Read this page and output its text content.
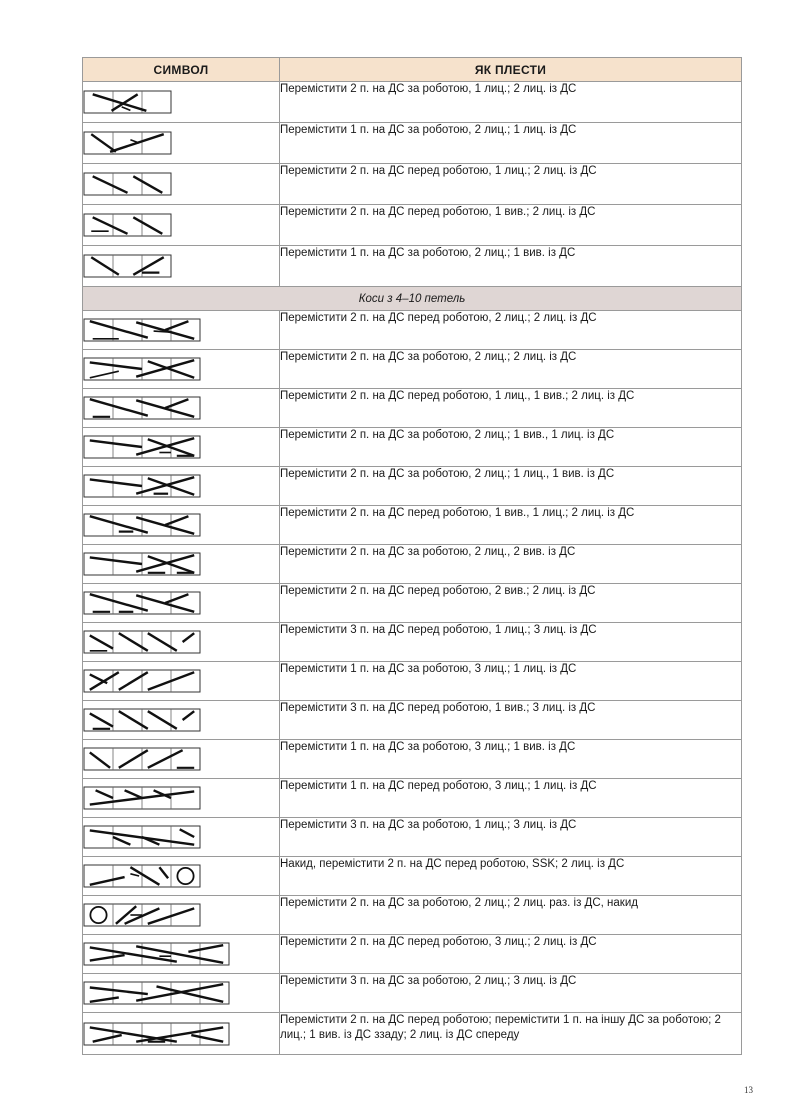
СИМВОЛ	ЯК ПЛЕСТИ

	Перемістити 2 п. на ДС за роботою, 1 лиц.; 2 лиц. із ДС

	Перемістити 1 п. на ДС за роботою, 2 лиц.; 1 лиц. із ДС

	Перемістити 2 п. на ДС перед роботою, 1 лиц.; 2 лиц. із ДС

	Перемістити 2 п. на ДС перед роботою, 1 вив.; 2 лиц. із ДС

	Перемістити 1 п. на ДС за роботою, 2 лиц.; 1 вив. із ДС
Коси з 4–10 петель	

	Перемістити 2 п. на ДС перед роботою, 2 лиц.; 2 лиц. із ДС

	Перемістити 2 п. на ДС за роботою, 2 лиц.; 2 лиц. із ДС

	Перемістити 2 п. на ДС перед роботою, 1 лиц., 1 вив.; 2 лиц. із ДС

	Перемістити 2 п. на ДС за роботою, 2 лиц.; 1 вив., 1 лиц. із ДС

	Перемістити 2 п. на ДС за роботою, 2 лиц.; 1 лиц., 1 вив. із ДС

	Перемістити 2 п. на ДС перед роботою, 1 вив., 1 лиц.; 2 лиц. із ДС

	Перемістити 2 п. на ДС за роботою, 2 лиц., 2 вив. із ДС

	Перемістити 2 п. на ДС перед роботою, 2 вив.; 2 лиц. із ДС

	Перемістити 3 п. на ДС перед роботою, 1 лиц.; 3 лиц. із ДС

	Перемістити 1 п. на ДС за роботою, 3 лиц.; 1 лиц. із ДС

	Перемістити 3 п. на ДС перед роботою, 1 вив.; 3 лиц. із ДС

	Перемістити 1 п. на ДС за роботою, 3 лиц.; 1 вив. із ДС

	Перемістити 1 п. на ДС перед роботою, 3 лиц.; 1 лиц. із ДС

	Перемістити 3 п. на ДС за роботою, 1 лиц.; 3 лиц. із ДС

	Накид, перемістити 2 п. на ДС перед роботою, SSK; 2 лиц. із ДС

	Перемістити 2 п. на ДС за роботою, 2 лиц.; 2 лиц. раз. із ДС, накид

	Перемістити 2 п. на ДС перед роботою, 3 лиц.; 2 лиц. із ДС

	Перемістити 3 п. на ДС за роботою, 2 лиц.; 3 лиц. із ДС

	Перемістити 2 п. на ДС перед роботою; перемістити 1 п. на іншу ДС за роботою; 2 лиц.; 1 вив. із ДС ззаду; 2 лиц. із ДС спереду
13
